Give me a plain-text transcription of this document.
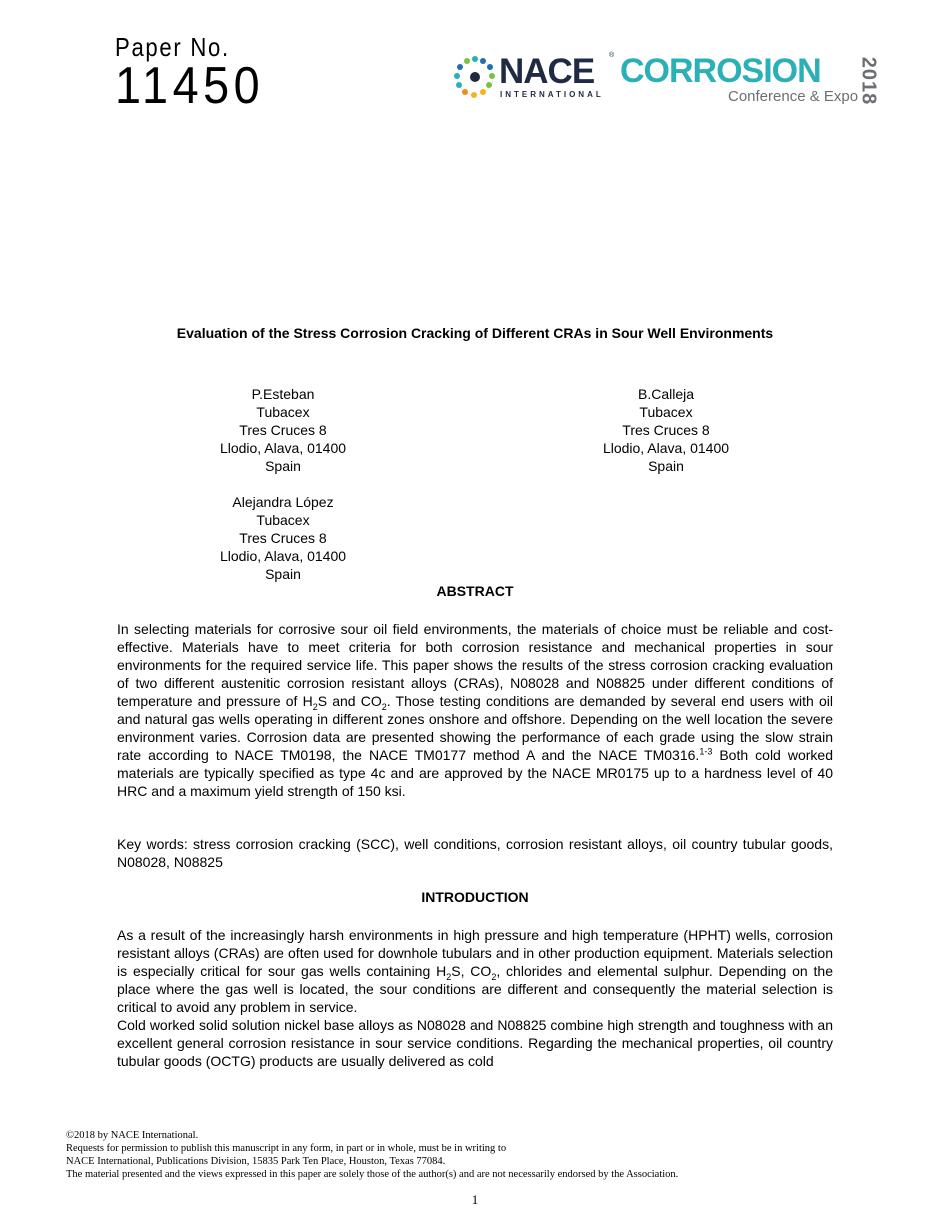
Paper No.
11450	NACE ®
INTERNATIONAL
CORROSION
Conference & Expo 2018
Evaluation of the Stress Corrosion Cracking of Different CRAs in Sour Well Environments
P.Esteban
Tubacex
Tres Cruces 8
Llodio, Alava, 01400
Spain
B.Calleja
Tubacex
Tres Cruces 8
Llodio, Alava, 01400
Spain
Alejandra López
Tubacex
Tres Cruces 8
Llodio, Alava, 01400
Spain
ABSTRACT

In selecting materials for corrosive sour oil field environments, the materials of choice must be reliable and cost-effective. Materials have to meet criteria for both corrosion resistance and mechanical properties in sour environments for the required service life. This paper shows the results of the stress corrosion cracking evaluation of two different austenitic corrosion resistant alloys (CRAs), N08028 and N08825 under different conditions of temperature and pressure of $H_2S$ and $CO_2$. Those testing conditions are demanded by several end users with oil and natural gas wells operating in different zones onshore and offshore. Depending on the well location the severe environment varies. Corrosion data are presented showing the performance of each grade using the slow strain rate according to NACE TM0198, the NACE TM0177 method A and the NACE TM0316.$^{1-3}$ Both cold worked materials are typically specified as type 4c and are approved by the NACE MR0175 up to a hardness level of 40 HRC and a maximum yield strength of 150 ksi.

Key words: stress corrosion cracking (SCC), well conditions, corrosion resistant alloys, oil country tubular goods, N08028, N08825

INTRODUCTION

As a result of the increasingly harsh environments in high pressure and high temperature (HPHT) wells, corrosion resistant alloys (CRAs) are often used for downhole tubulars and in other production equipment. Materials selection is especially critical for sour gas wells containing $H_2S$, $CO_2$, chlorides and elemental sulphur. Depending on the place where the gas well is located, the sour conditions are different and consequently the material selection is critical to avoid any problem in service.

Cold worked solid solution nickel base alloys as N08028 and N08825 combine high strength and toughness with an excellent general corrosion resistance in sour service conditions. Regarding the mechanical properties, oil country tubular goods (OCTG) products are usually delivered as cold

©2018 by NACE International.
Requests for permission to publish this manuscript in any form, in part or in whole, must be in writing to
NACE International, Publications Division, 15835 Park Ten Place, Houston, Texas 77084.
The material presented and the views expressed in this paper are solely those of the author(s) and are not necessarily endorsed by the Association.
1
